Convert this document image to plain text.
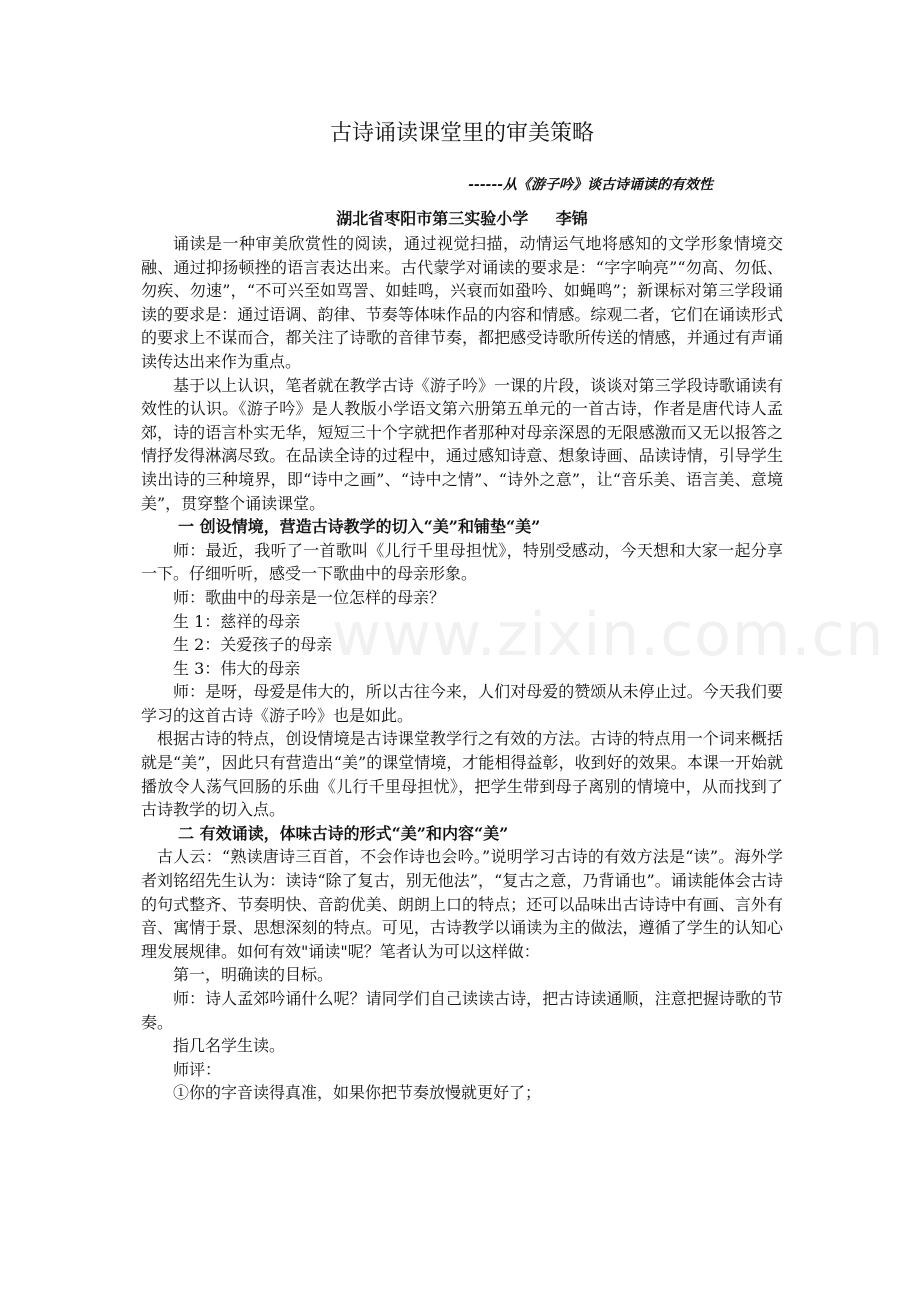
古诗诵读课堂里的审美策略
------从《游子吟》谈古诗诵读的有效性
湖北省枣阳市第三实验小学 李锦

诵读是一种审美欣赏性的阅读，通过视觉扫描，动情运气地将感知的文学形象情境交融、通过抑扬顿挫的语言表达出来。古代蒙学对诵读的要求是：“字字响亮”“勿高、勿低、勿疾、勿速”，“不可兴至如骂詈、如蛙鸣，兴衰而如蛩吟、如蝇鸣”；新课标对第三学段诵读的要求是：通过语调、韵律、节奏等体味作品的内容和情感。综观二者，它们在诵读形式的要求上不谋而合，都关注了诗歌的音律节奏，都把感受诗歌所传送的情感，并通过有声诵读传达出来作为重点。

基于以上认识，笔者就在教学古诗《游子吟》一课的片段，谈谈对第三学段诗歌诵读有效性的认识。《游子吟》是人教版小学语文第六册第五单元的一首古诗，作者是唐代诗人孟郊，诗的语言朴实无华，短短三十个字就把作者那种对母亲深恩的无限感激而又无以报答之情抒发得淋漓尽致。在品读全诗的过程中，通过感知诗意、想象诗画、品读诗情，引导学生读出诗的三种境界，即“诗中之画”、“诗中之情”、“诗外之意”，让“音乐美、语言美、意境美”，贯穿整个诵读课堂。

一 创设情境，营造古诗教学的切入“美”和铺垫“美”

师：最近，我听了一首歌叫《儿行千里母担忧》，特别受感动，今天想和大家一起分享一下。仔细听听，感受一下歌曲中的母亲形象。

师：歌曲中的母亲是一位怎样的母亲？

生 1：慈祥的母亲

生 2：关爱孩子的母亲

生 3：伟大的母亲

师：是呀，母爱是伟大的，所以古往今来，人们对母爱的赞颂从未停止过。今天我们要学习的这首古诗《游子吟》也是如此。

根据古诗的特点，创设情境是古诗课堂教学行之有效的方法。古诗的特点用一个词来概括就是“美”，因此只有营造出“美”的课堂情境，才能相得益彰，收到好的效果。本课一开始就播放令人荡气回肠的乐曲《儿行千里母担忧》，把学生带到母子离别的情境中，从而找到了古诗教学的切入点。

二 有效诵读，体味古诗的形式“美”和内容“美”

古人云：“熟读唐诗三百首，不会作诗也会吟。”说明学习古诗的有效方法是“读”。海外学者刘铭绍先生认为：读诗“除了复古，别无他法”，“复古之意，乃背诵也”。诵读能体会古诗的句式整齐、节奏明快、音韵优美、朗朗上口的特点；还可以品味出古诗诗中有画、言外有音、寓情于景、思想深刻的特点。可见，古诗教学以诵读为主的做法，遵循了学生的认知心理发展规律。如何有效"诵读"呢？笔者认为可以这样做：

第一，明确读的目标。

师：诗人孟郊吟诵什么呢？请同学们自己读读古诗，把古诗读通顺，注意把握诗歌的节奏。

指几名学生读。

师评：

①你的字音读得真准，如果你把节奏放慢就更好了；

www.zixin.com.cn
